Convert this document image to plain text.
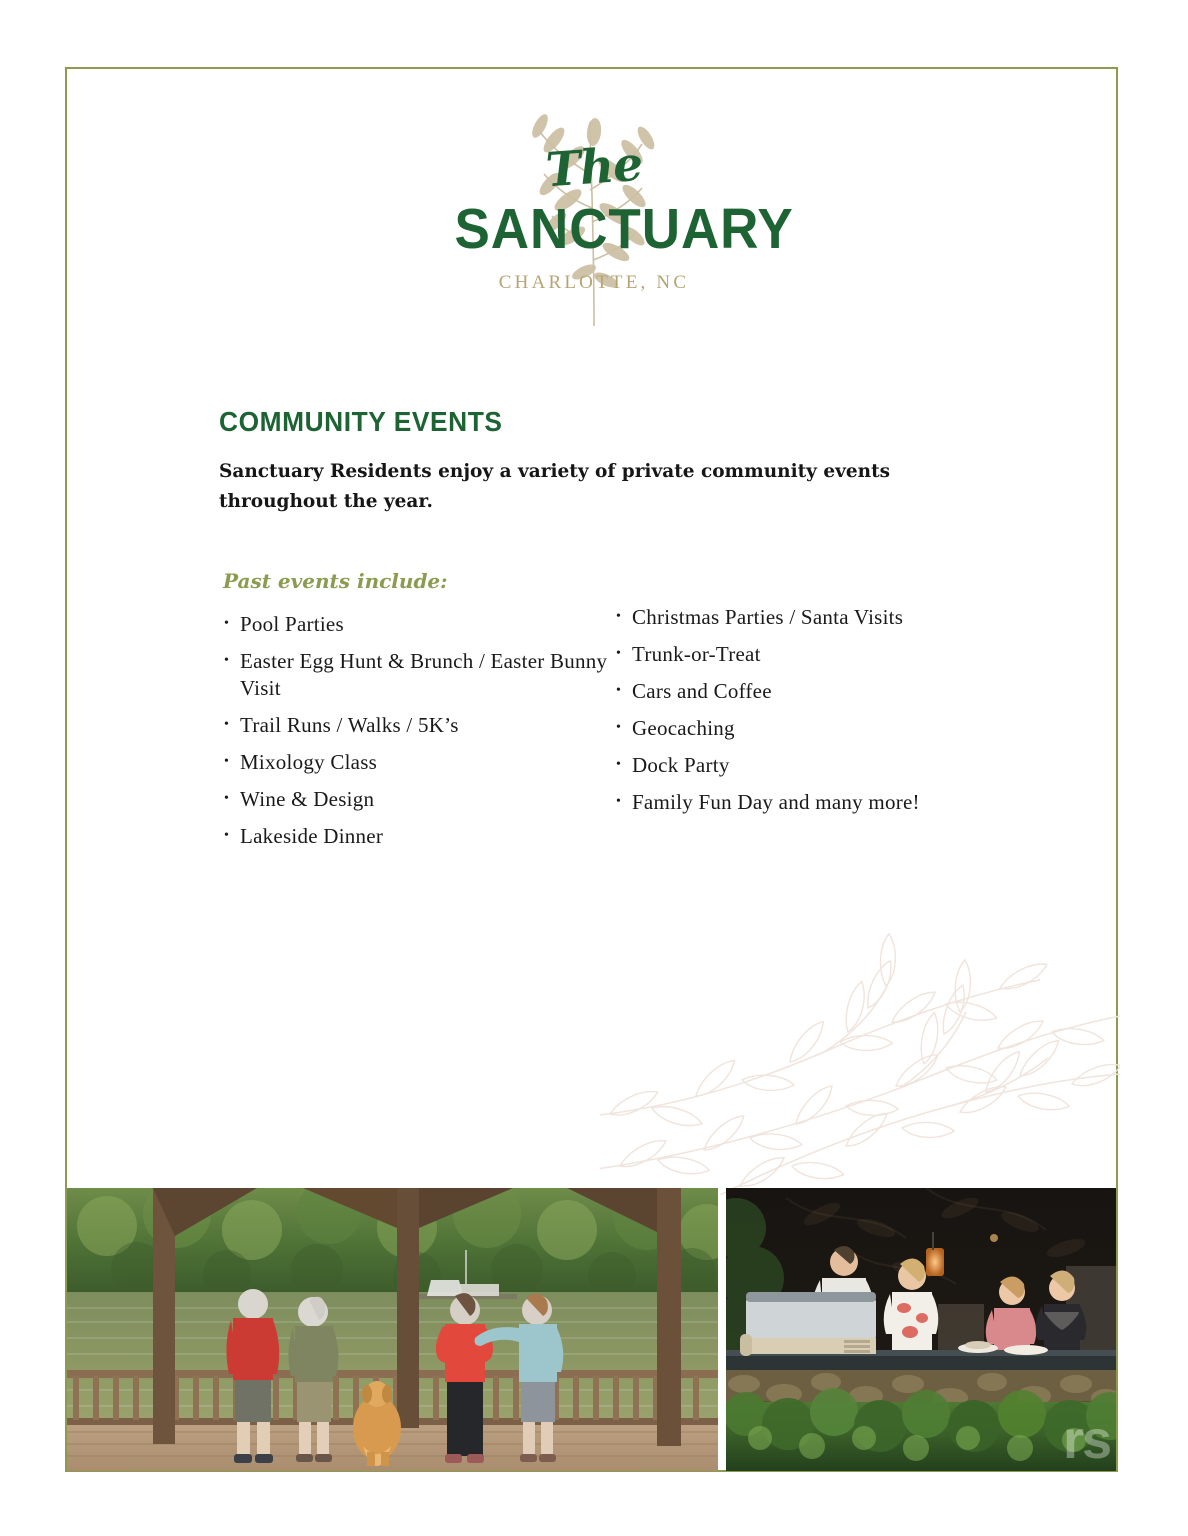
The
SANCTUARY
CHARLOTTE, NC
COMMUNITY EVENTS

Sanctuary Residents enjoy a variety of private community events throughout the year.

Past events include:
• Pool Parties
• Easter Egg Hunt & Brunch / Easter Bunny Visit
• Trail Runs / Walks / 5K’s
• Mixology Class
• Wine & Design
• Lakeside Dinner
• Christmas Parties / Santa Visits
• Trunk-or-Treat
• Cars and Coffee
• Geocaching
• Dock Party
• Family Fun Day and many more!
rs
